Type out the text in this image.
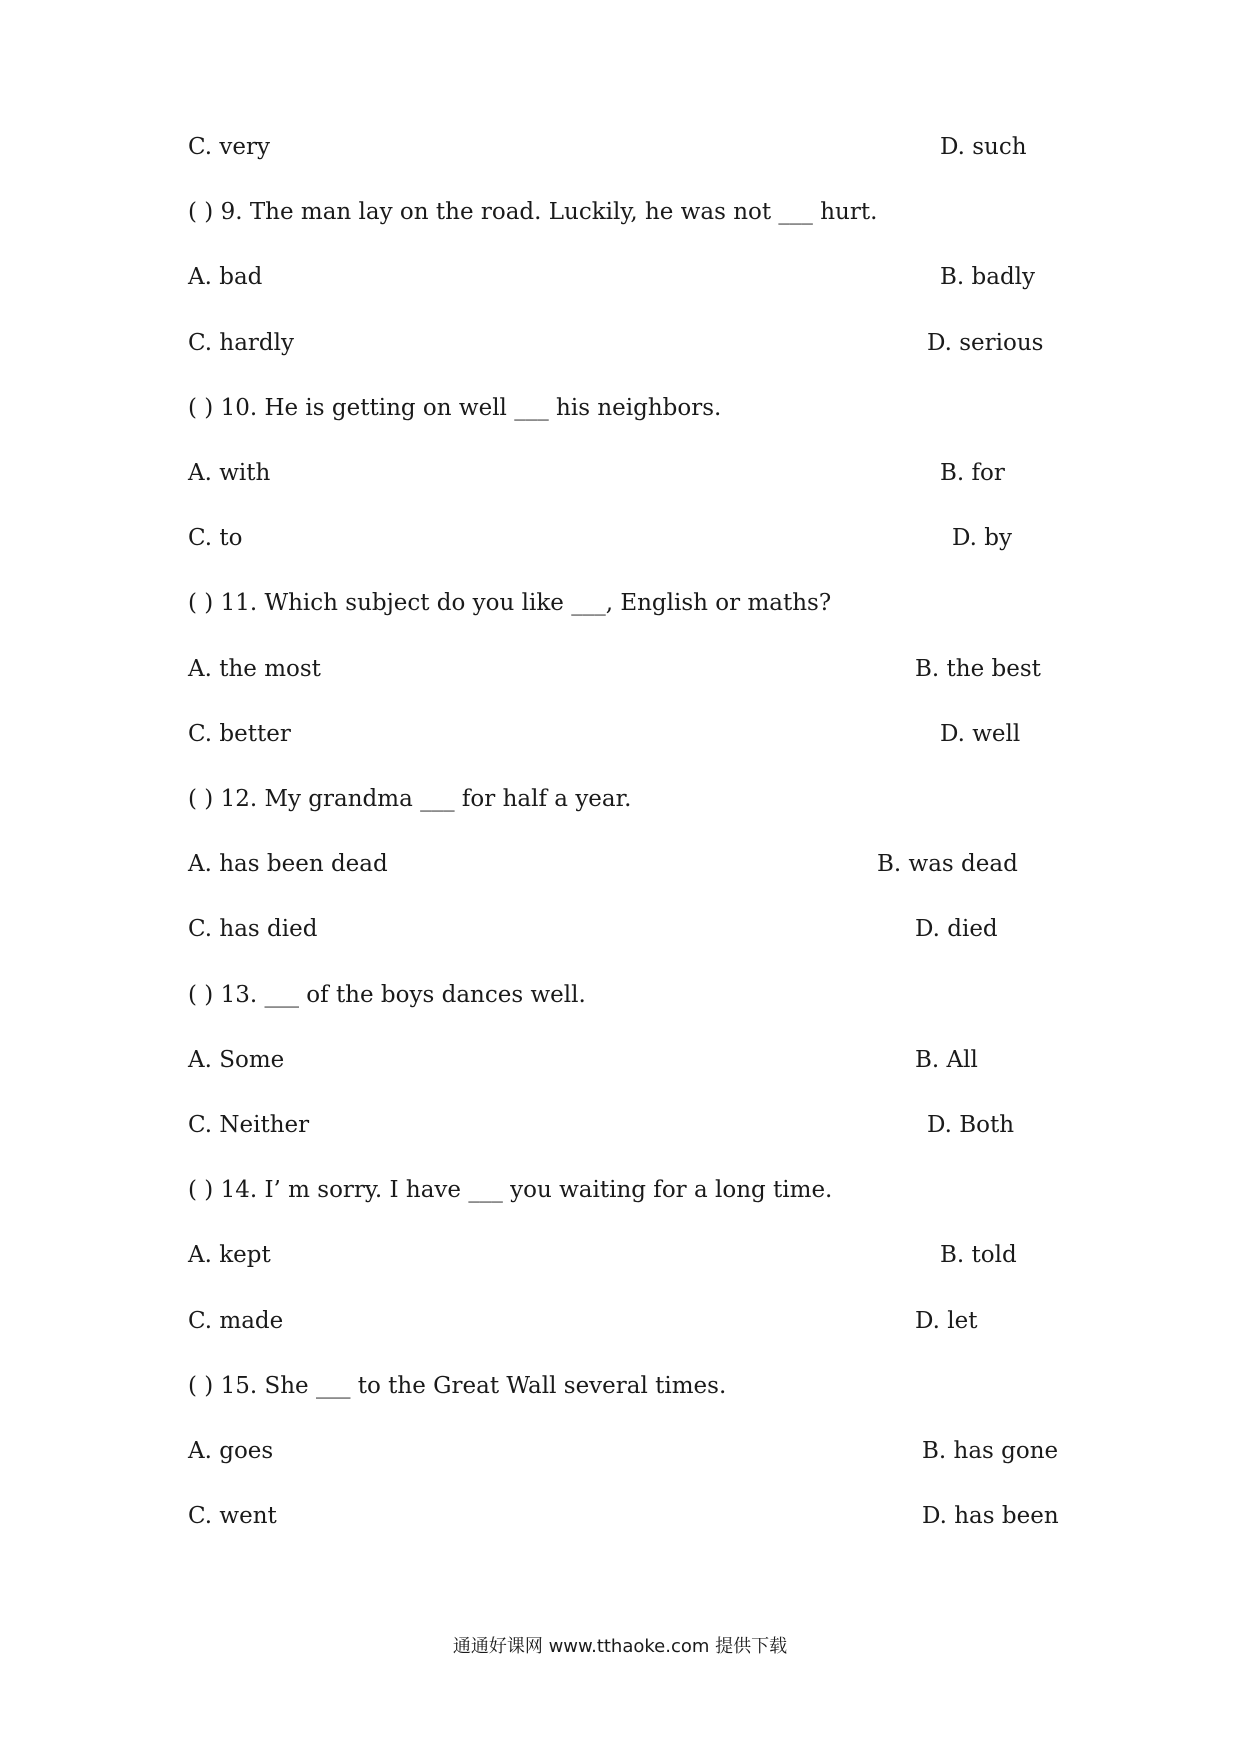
C. very	D. such
( ) 9. The man lay on the road. Luckily, he was not ___ hurt.
A. bad	B. badly
C. hardly	D. serious
( ) 10. He is getting on well ___ his neighbors.
A. with	B. for
C. to	D. by
( ) 11. Which subject do you like ___, English or maths?
A. the most	B. the best
C. better	D. well
( ) 12. My grandma ___ for half a year.
A. has been dead	B. was dead
C. has died	D. died
( ) 13. ___ of the boys dances well.
A. Some	B. All
C. Neither	D. Both
( ) 14. I’ m sorry. I have ___ you waiting for a long time.
A. kept	B. told
C. made	D. let
( ) 15. She ___ to the Great Wall several times.
A. goes	B. has gone
C. went	D. has been
通通好课网 www.tthaoke.com 提供下载
